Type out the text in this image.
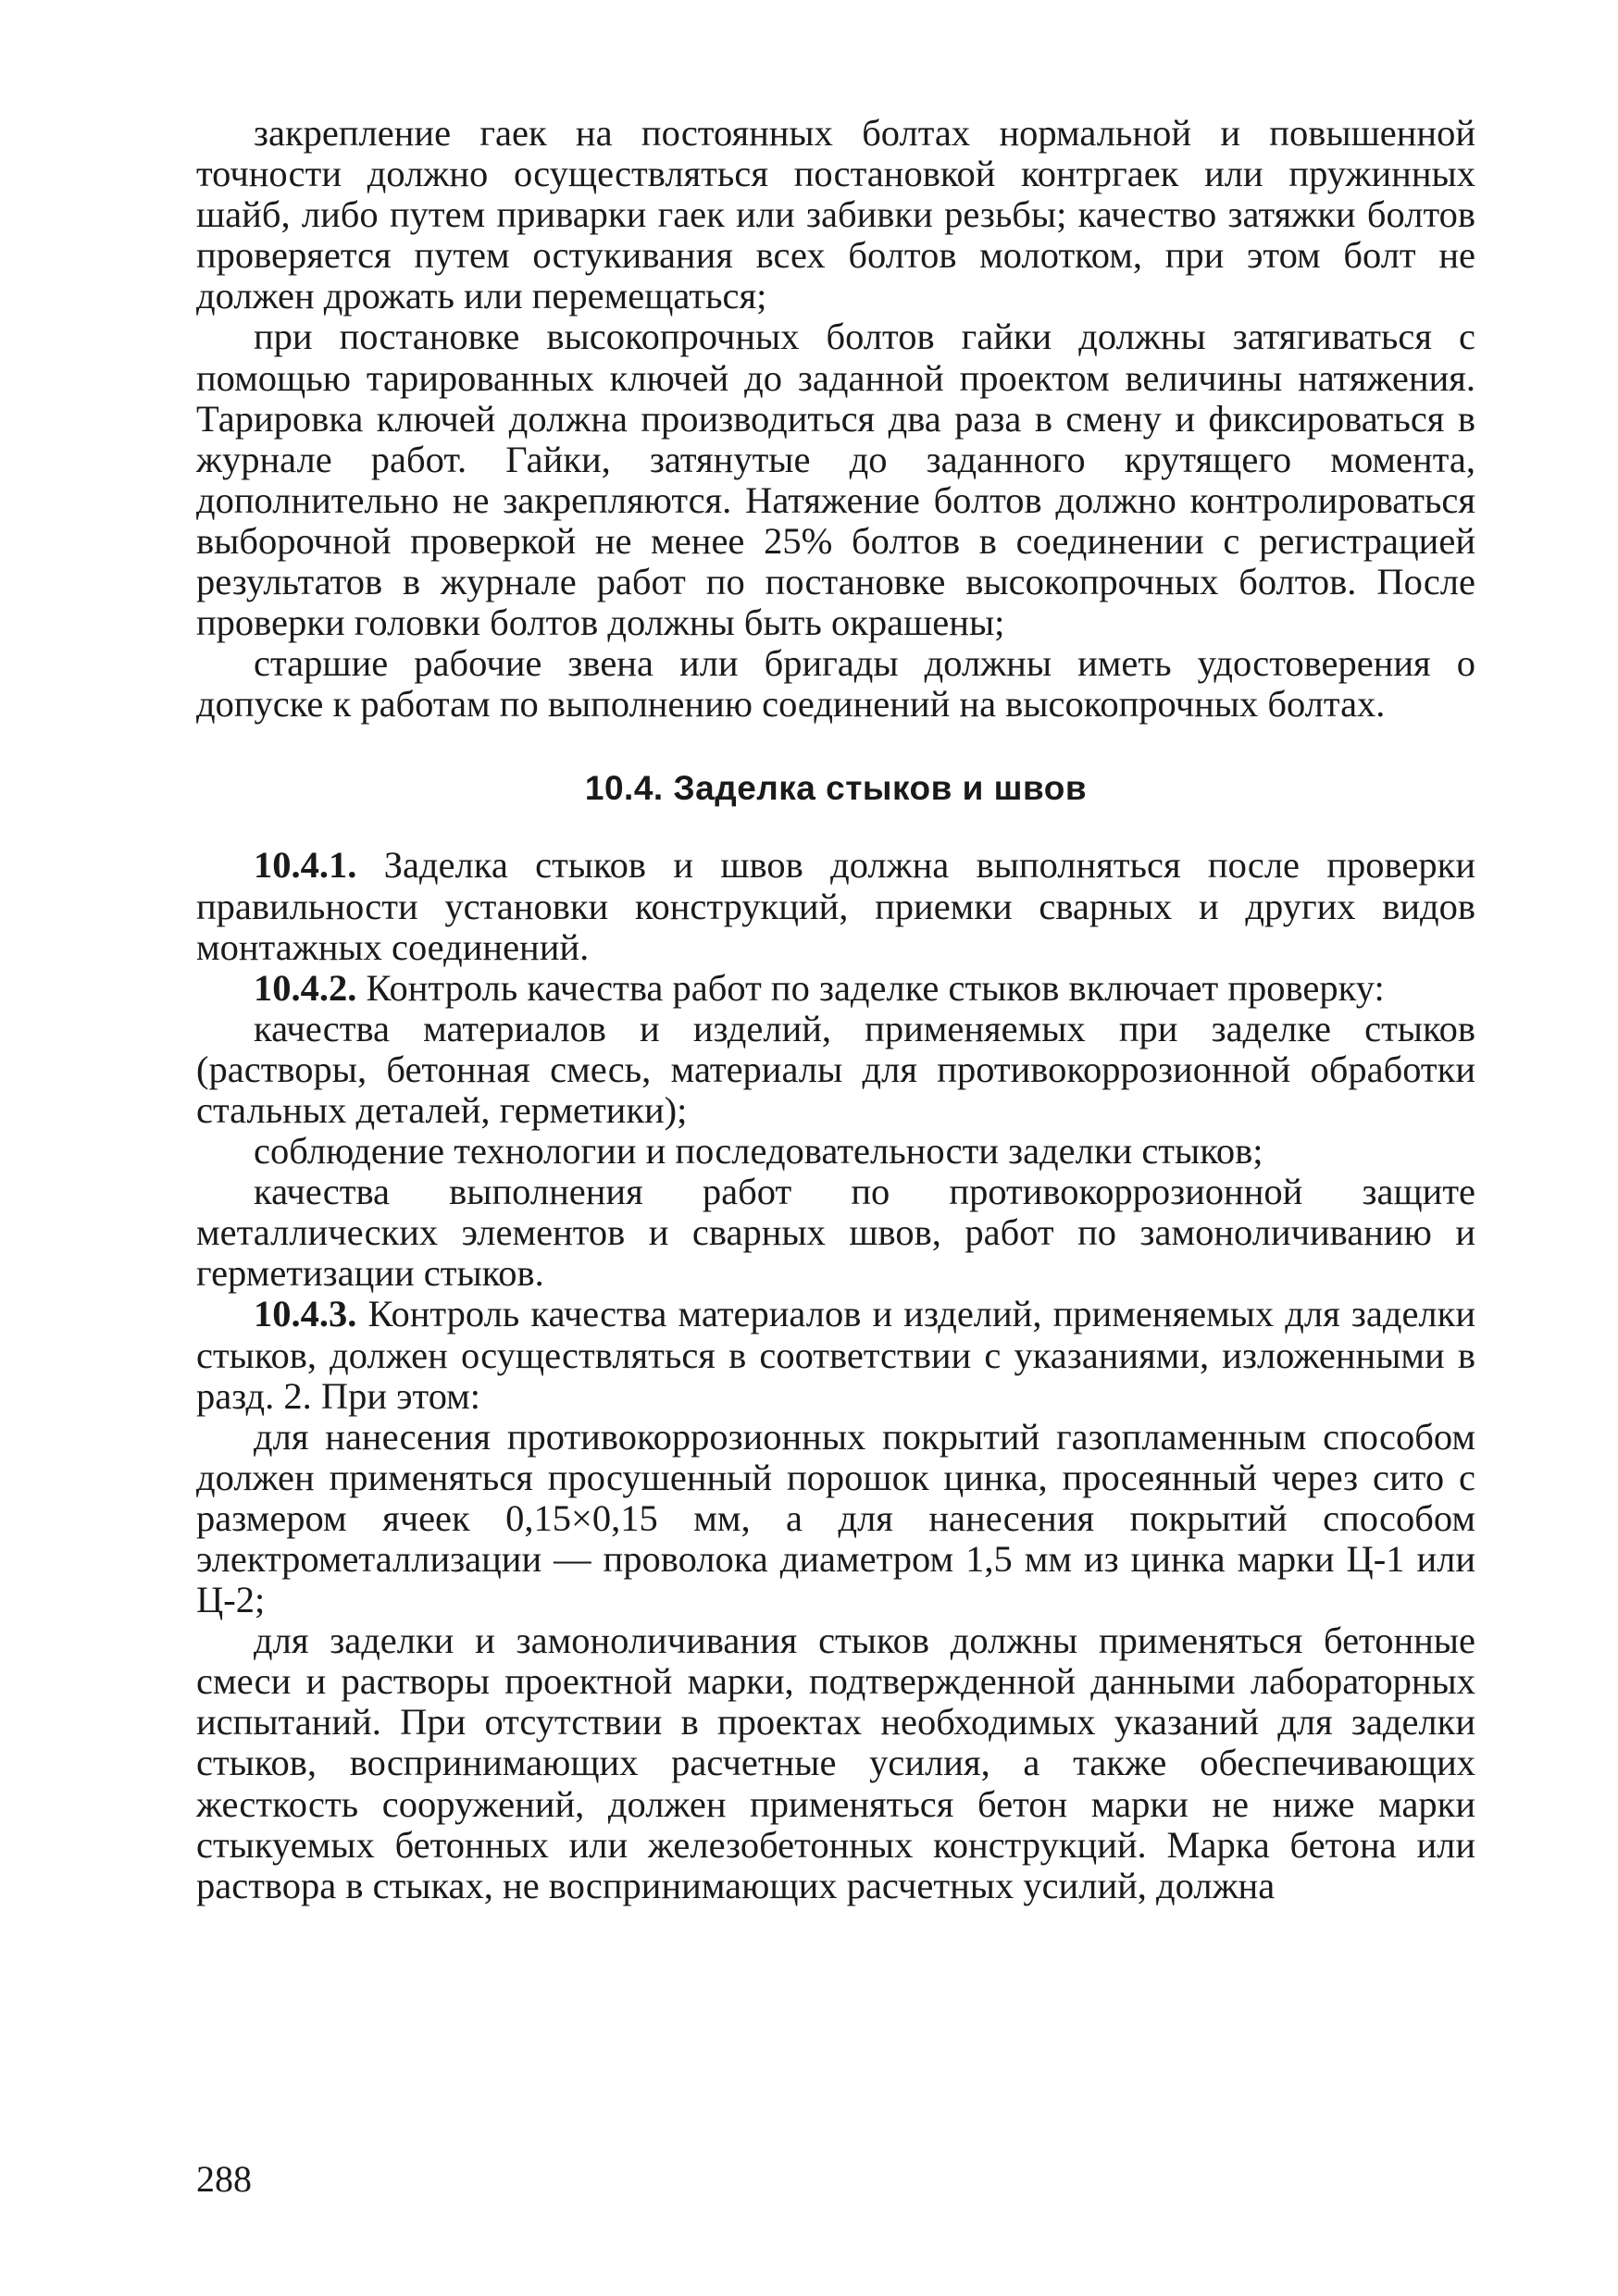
закрепление гаек на постоянных болтах нормальной и повышенной точности должно осуществляться постановкой контргаек или пружинных шайб, либо путем приварки гаек или забивки резьбы; качество затяжки болтов проверяется путем остукивания всех болтов молотком, при этом болт не должен дрожать или перемещаться;

при постановке высокопрочных болтов гайки должны затягиваться с помощью тарированных ключей до заданной проектом величины натяжения. Тарировка ключей должна производиться два раза в смену и фиксироваться в журнале работ. Гайки, затянутые до заданного крутящего момента, дополнительно не закрепляются. Натяжение болтов должно контролироваться выборочной проверкой не менее 25% болтов в соединении с регистрацией результатов в журнале работ по постановке высокопрочных болтов. После проверки головки болтов должны быть окрашены;

старшие рабочие звена или бригады должны иметь удостоверения о допуске к работам по выполнению соединений на высокопрочных болтах.

10.4. Заделка стыков и швов

10.4.1. Заделка стыков и швов должна выполняться после проверки правильности установки конструкций, приемки сварных и других видов монтажных соединений.

10.4.2. Контроль качества работ по заделке стыков включает проверку:

качества материалов и изделий, применяемых при заделке стыков (растворы, бетонная смесь, материалы для противокоррозионной обработки стальных деталей, герметики);

соблюдение технологии и последовательности заделки стыков;

качества выполнения работ по противокоррозионной защите металлических элементов и сварных швов, работ по замоноличиванию и герметизации стыков.

10.4.3. Контроль качества материалов и изделий, применяемых для заделки стыков, должен осуществляться в соответствии с указаниями, изложенными в разд. 2. При этом:

для нанесения противокоррозионных покрытий газопламенным способом должен применяться просушенный порошок цинка, просеянный через сито с размером ячеек 0,15×0,15 мм, а для нанесения покрытий способом электрометаллизации — проволока диаметром 1,5 мм из цинка марки Ц-1 или Ц-2;

для заделки и замоноличивания стыков должны применяться бетонные смеси и растворы проектной марки, подтвержденной данными лабораторных испытаний. При отсутствии в проектах необходимых указаний для заделки стыков, воспринимающих расчетные усилия, а также обеспечивающих жесткость сооружений, должен применяться бетон марки не ниже марки стыкуемых бетонных или железобетонных конструкций. Марка бетона или раствора в стыках, не воспринимающих расчетных усилий, должна

288
